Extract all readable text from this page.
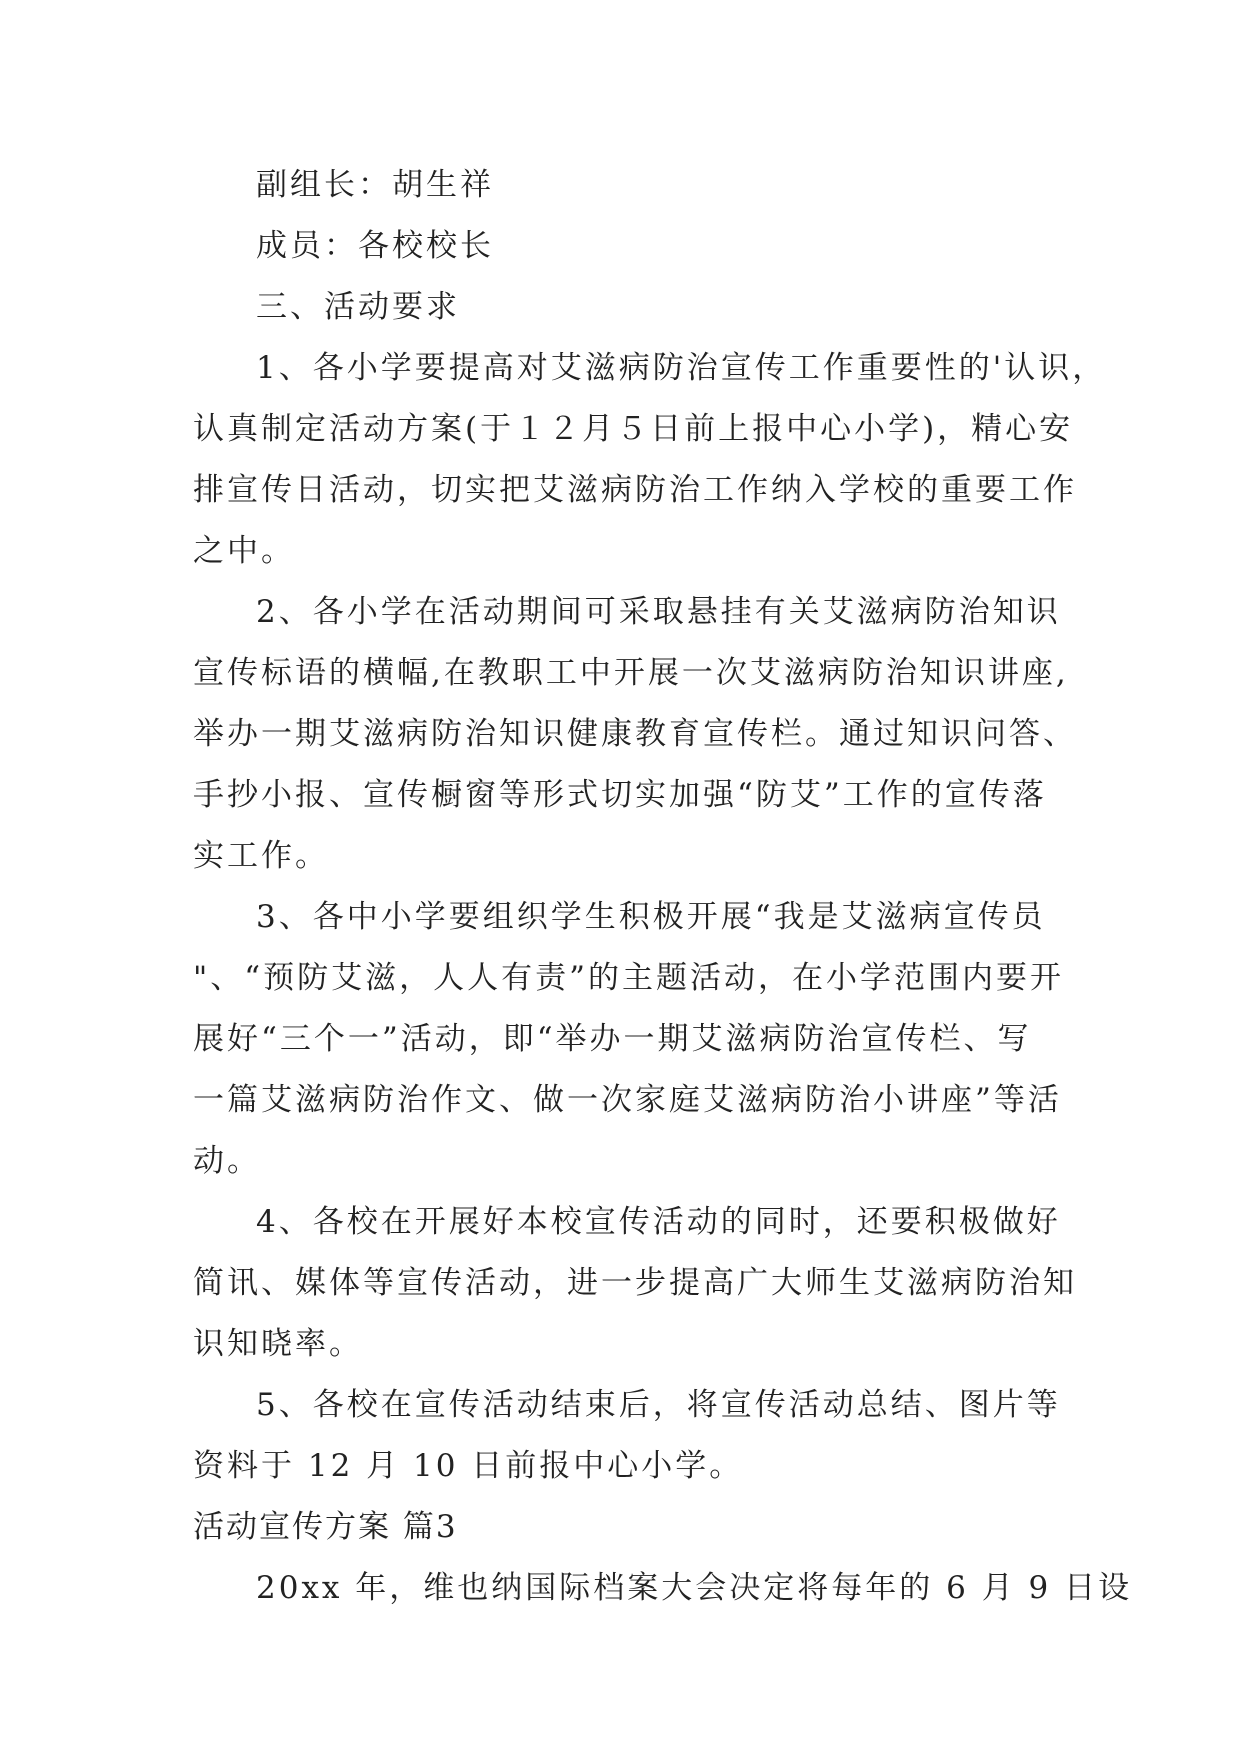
副组长：胡生祥
成员：各校校长
三、活动要求
1、各小学要提高对艾滋病防治宣传工作重要性的'认识，
认真制定活动方案(于１２月５日前上报中心小学)，精心安
排宣传日活动，切实把艾滋病防治工作纳入学校的重要工作
之中。
2、各小学在活动期间可采取悬挂有关艾滋病防治知识
宣传标语的横幅,在教职工中开展一次艾滋病防治知识讲座,
举办一期艾滋病防治知识健康教育宣传栏。通过知识问答、
手抄小报、宣传橱窗等形式切实加强“防艾”工作的宣传落
实工作。
3、各中小学要组织学生积极开展“我是艾滋病宣传员
"、“预防艾滋，人人有责”的主题活动，在小学范围内要开
展好“三个一”活动，即“举办一期艾滋病防治宣传栏、写
一篇艾滋病防治作文、做一次家庭艾滋病防治小讲座”等活
动。
4、各校在开展好本校宣传活动的同时，还要积极做好
简讯、媒体等宣传活动，进一步提高广大师生艾滋病防治知
识知晓率。
5、各校在宣传活动结束后，将宣传活动总结、图片等
资料于 12 月 10 日前报中心小学。
活动宣传方案 篇3
20xx 年，维也纳国际档案大会决定将每年的 6 月 9 日设
